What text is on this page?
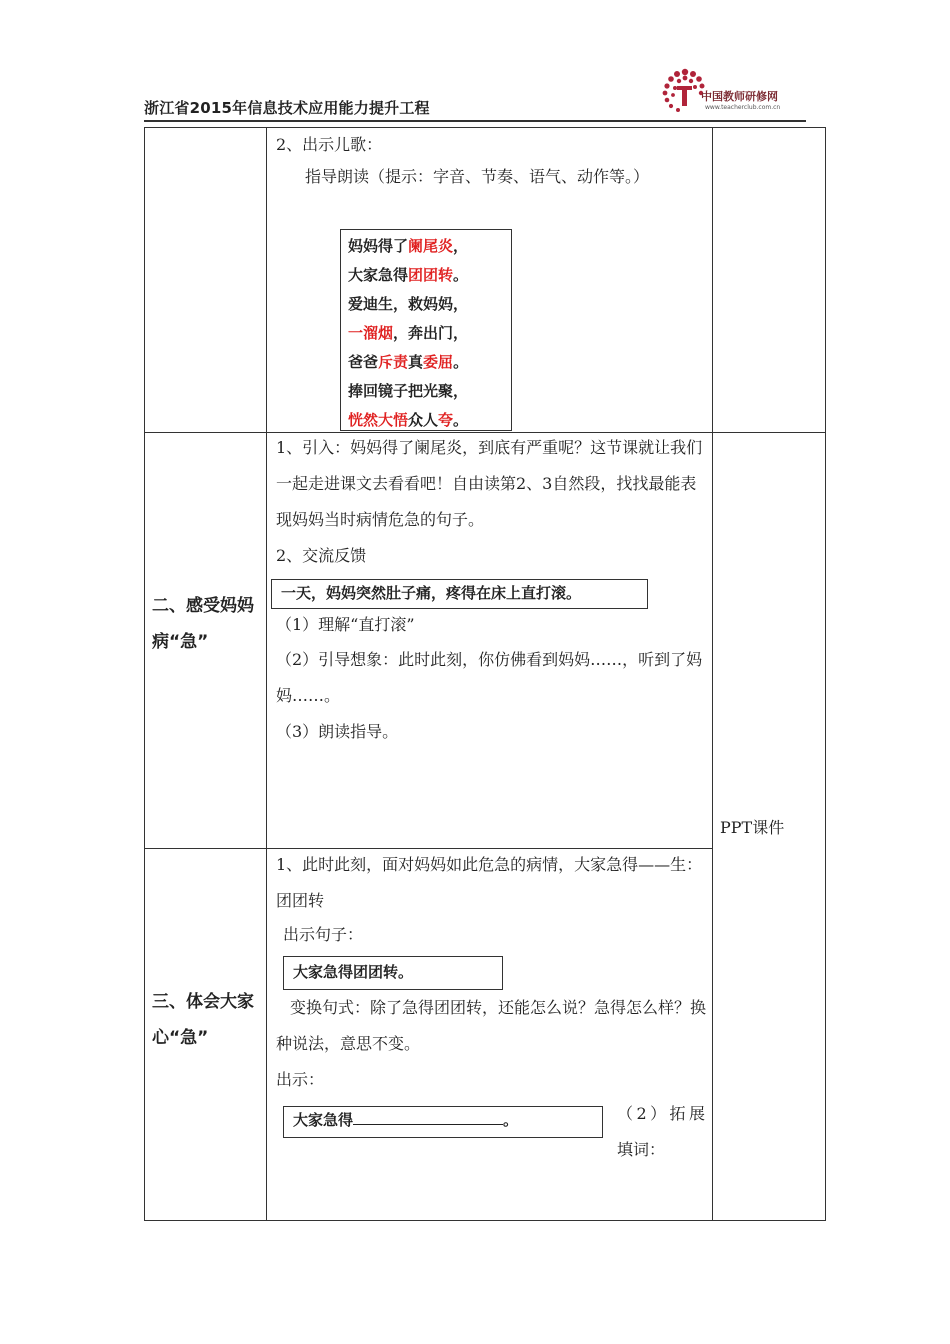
中国教师研修网
www.teacherclub.com.cn
浙江省2015年信息技术应用能力提升工程
2、出示儿歌：
指导朗读（提示：字音、节奏、语气、动作等。）
妈妈得了阑尾炎，
大家急得团团转。
爱迪生，救妈妈，
一溜烟，奔出门，
爸爸斥责真委屈。
捧回镜子把光聚，
恍然大悟众人夸。
二、感受妈妈病“急”
1、引入：妈妈得了阑尾炎，到底有严重呢？这节课就让我们一起走进课文去看看吧！自由读第2、3自然段，找找最能表现妈妈当时病情危急的句子。
2、交流反馈
一天，妈妈突然肚子痛，疼得在床上直打滚。
（1）理解“直打滚”
（2）引导想象：此时此刻，你仿佛看到妈妈……，听到了妈妈……。
（3）朗读指导。
PPT课件
三、体会大家心“急”
1、此时此刻，面对妈妈如此危急的病情，大家急得——生：团团转
出示句子：
大家急得团团转。
变换句式：除了急得团团转，还能怎么说？急得怎么样？换种说法，意思不变。
出示：
大家急得	。	（2）拓展填词：
